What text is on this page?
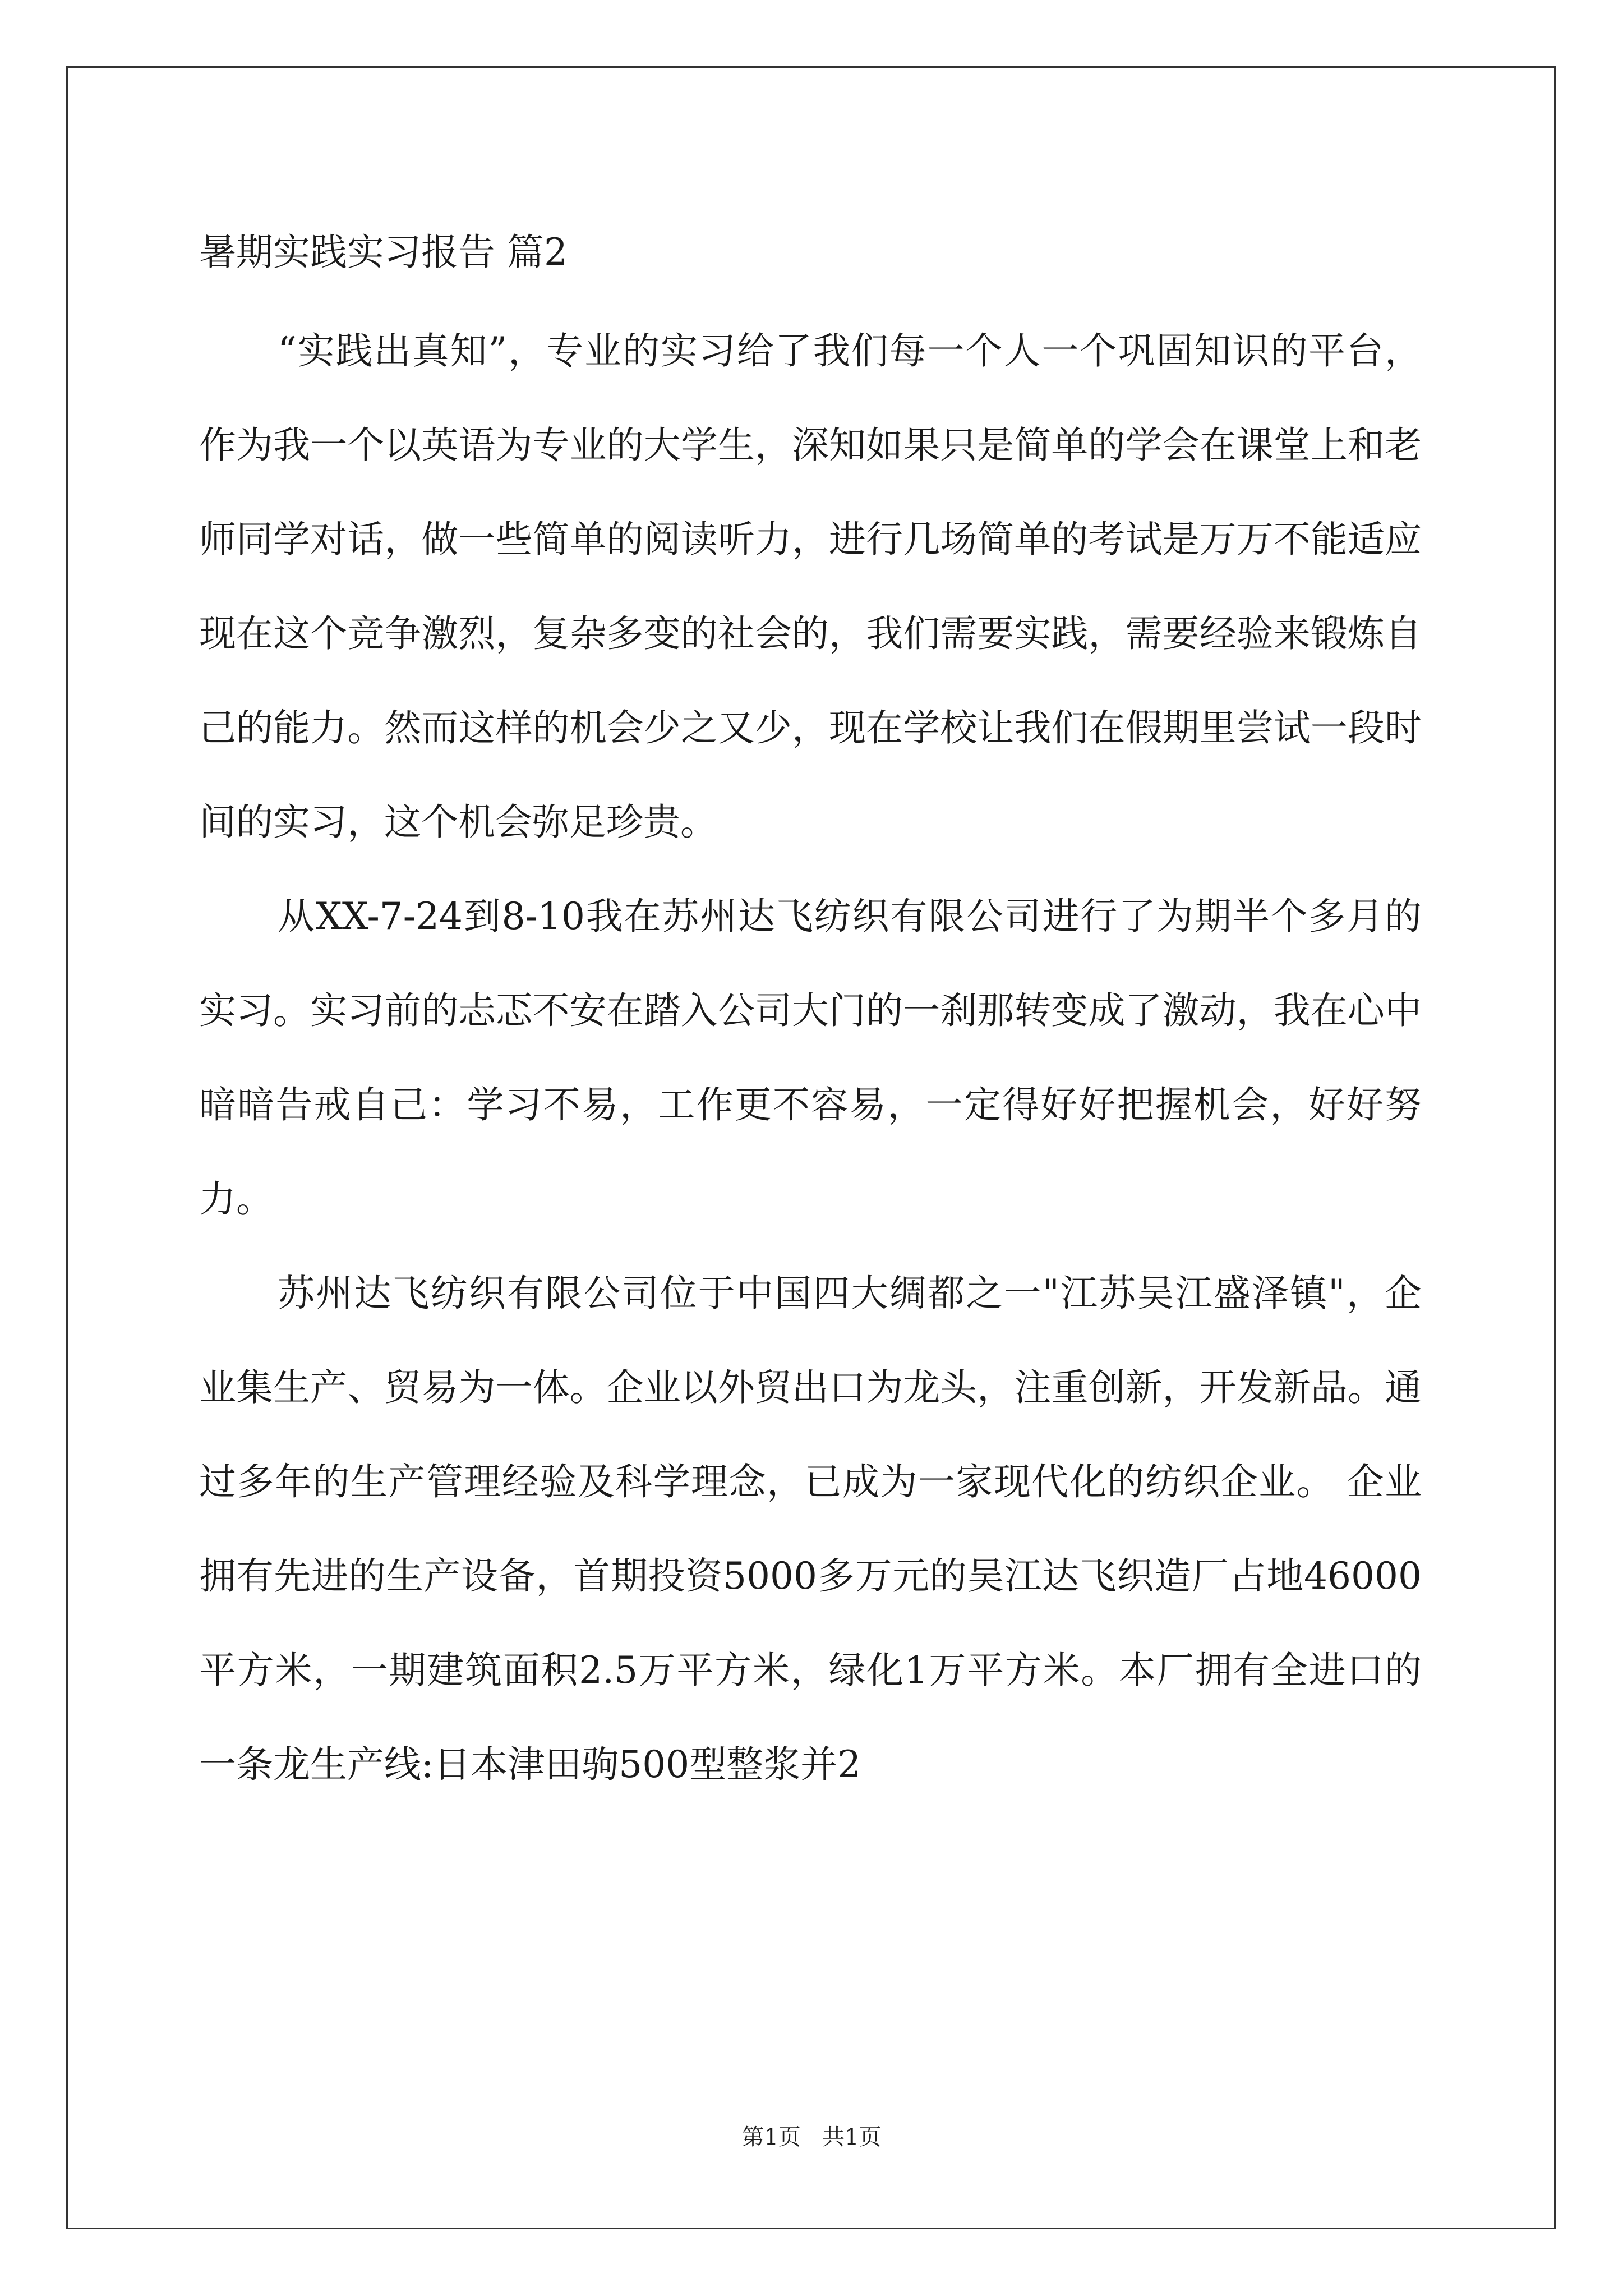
暑期实践实习报告 篇2

“实践出真知”，专业的实习给了我们每一个人一个巩固知识的平台，作为我一个以英语为专业的大学生，深知如果只是简单的学会在课堂上和老师同学对话，做一些简单的阅读听力，进行几场简单的考试是万万不能适应现在这个竞争激烈，复杂多变的社会的，我们需要实践，需要经验来锻炼自己的能力。然而这样的机会少之又少，现在学校让我们在假期里尝试一段时间的实习，这个机会弥足珍贵。

从XX-7-24到8-10我在苏州达飞纺织有限公司进行了为期半个多月的实习。实习前的忐忑不安在踏入公司大门的一刹那转变成了激动，我在心中暗暗告戒自己：学习不易，工作更不容易，一定得好好把握机会，好好努力。

苏州达飞纺织有限公司位于中国四大绸都之一"江苏吴江盛泽镇"，企业集生产、贸易为一体。企业以外贸出口为龙头，注重创新，开发新品。通过多年的生产管理经验及科学理念，已成为一家现代化的纺织企业。 企业拥有先进的生产设备，首期投资5000多万元的吴江达飞织造厂占地46000平方米，一期建筑面积2.5万平方米，绿化1万平方米。本厂拥有全进口的一条龙生产线:日本津田驹500型整浆并2

第1页   共1页
